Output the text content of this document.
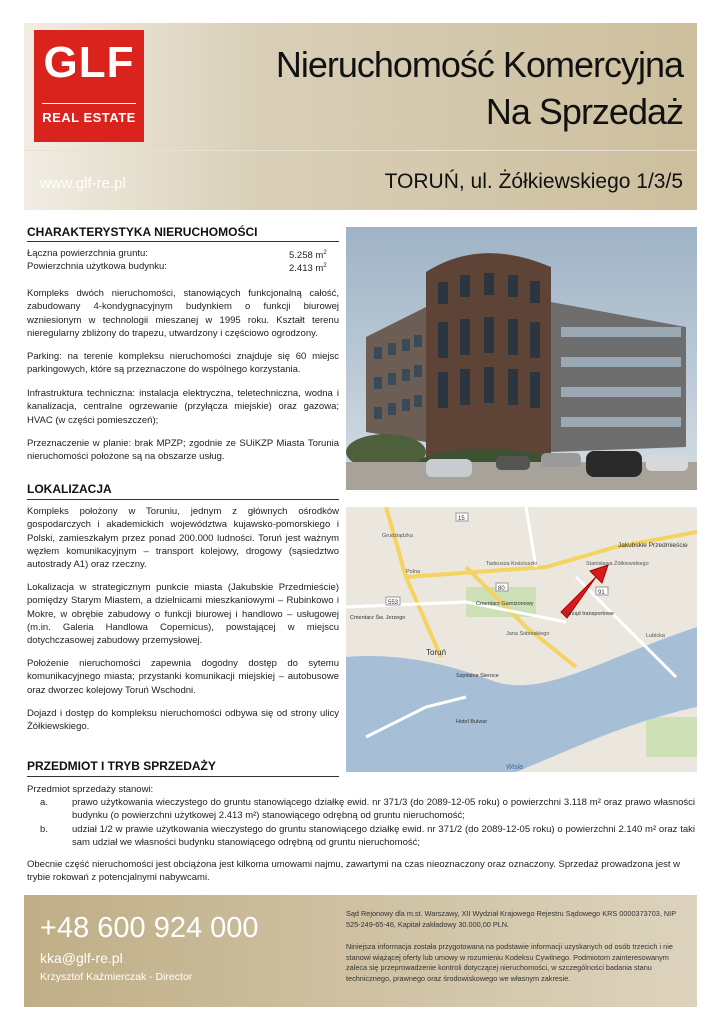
GLF
REAL ESTATE
Nieruchomość Komercyjna
Na Sprzedaż
www.glf-re.pl	TORUŃ, ul. Żółkiewskiego 1/3/5
CHARAKTERYSTYKA NIERUCHOMOŚCI
Łączna powierzchnia gruntu:	5.258 $m^2$
Powierzchnia użytkowa budynku:	2.413 $m^2$
Kompleks dwóch nieruchomości, stanowiących funkcjonalną całość, zabudowany 4-kondygnacyjnym budynkiem o funkcji biurowej wzniesionym w technologii mieszanej w 1995 roku. Kształt terenu nieregularny zbliżony do trapezu, utwardzony i częściowo ogrodzony.
Parking: na terenie kompleksu nieruchomości znajduje się 60 miejsc parkingowych, które są przeznaczone do wspólnego korzystania.
Infrastruktura techniczna: instalacja elektryczna, teletechniczna, wodna i kanalizacja, centralne ogrzewanie (przyłącza miejskie) oraz gazowa; HVAC (w części pomieszczeń);
Przeznaczenie w planie: brak MPZP; zgodnie ze SUiKZP Miasta Torunia nieruchomości położone są na obszarze usług.
LOKALIZACJA
Kompleks położony w Toruniu, jednym z głównych ośrodków gospodarczych i akademickich województwa kujawsko-pomorskiego i Polski, zamieszkałym przez ponad 200.000 ludności. Toruń jest ważnym węzłem komunikacyjnym – transport kolejowy, drogowy (sąsiedztwo autostrady A1) oraz rzeczny.
Lokalizacja w strategicznym punkcie miasta (Jakubskie Przedmieście) pomiędzy Starym Miastem, a dzielnicami mieszkaniowymi – Rubinkowo i Mokre, w obrębie zabudowy o funkcji biurowej i handlowo – usługowej (m.in. Galeria Handlowa Copernicus), powstającej w miejscu dotychczasowej zabudowy przemysłowej.
Położenie nieruchomości zapewnia dogodny dostęp do sytemu komunikacyjnego miasta; przystanki komunikacji miejskiej – autobusowe oraz dworzec kolejowy Toruń Wschodni.
Dojazd i dostęp do kompleksu nieruchomości odbywa się od strony ulicy Żółkiewskiego.
Jakubskie Przedmieście
Toruń
Wisła
Urząd transportowe
Cmentarz Św. Jerzego
Cmentarz Garnizonowy
Szpitalne Sieroce
Hotel Bulwar
Tadeusza Kościuszki	Stanisława Żółkiewskiego
Polna
Grudziądzka
Jana Sobieskiego	Lubicka
553
15
80
91
PRZEDMIOT I TRYB SPRZEDAŻY
Przedmiot sprzedaży stanowi:
a.	prawo użytkowania wieczystego do gruntu stanowiącego działkę ewid. nr 371/3 (do 2089-12-05 roku) o powierzchni 3.118 m² oraz prawo własności budynku (o powierzchni użytkowej 2.413 m²) stanowiącego odrębną od gruntu nieruchomość;
b.	udział 1/2 w prawie użytkowania wieczystego do gruntu stanowiącego działkę ewid. nr 371/2 (do 2089-12-05 roku) o powierzchni 2.140 m² oraz taki sam udział we własności budynku stanowiącego odrębną od gruntu nieruchomość;
Obecnie część nieruchomości jest obciążona jest kilkoma umowami najmu, zawartymi na czas nieoznaczony oraz oznaczony. Sprzedaż prowadzona jest w trybie rokowań z potencjalnymi nabywcami.
+48 600 924 000
kka@glf-re.pl
Krzysztof Kaźmierczak - Director
Sąd Rejonowy dla m.st. Warszawy, XII Wydział Krajowego Rejestru Sądowego KRS 0000373703, NIP 525-249-65-46, Kapitał zakładowy 30.000,00 PLN.
Niniejsza informacja została przygotowana na podstawie informacji uzyskanych od osób trzecich i nie stanowi wiążącej oferty lub umowy w rozumieniu Kodeksu Cywilnego. Podmiotom zainteresowanym zaleca się przeprowadzenie kontroli dotyczącej nieruchomości, w szczególności badania stanu technicznego, prawnego oraz środowiskowego we własnym zakresie.
